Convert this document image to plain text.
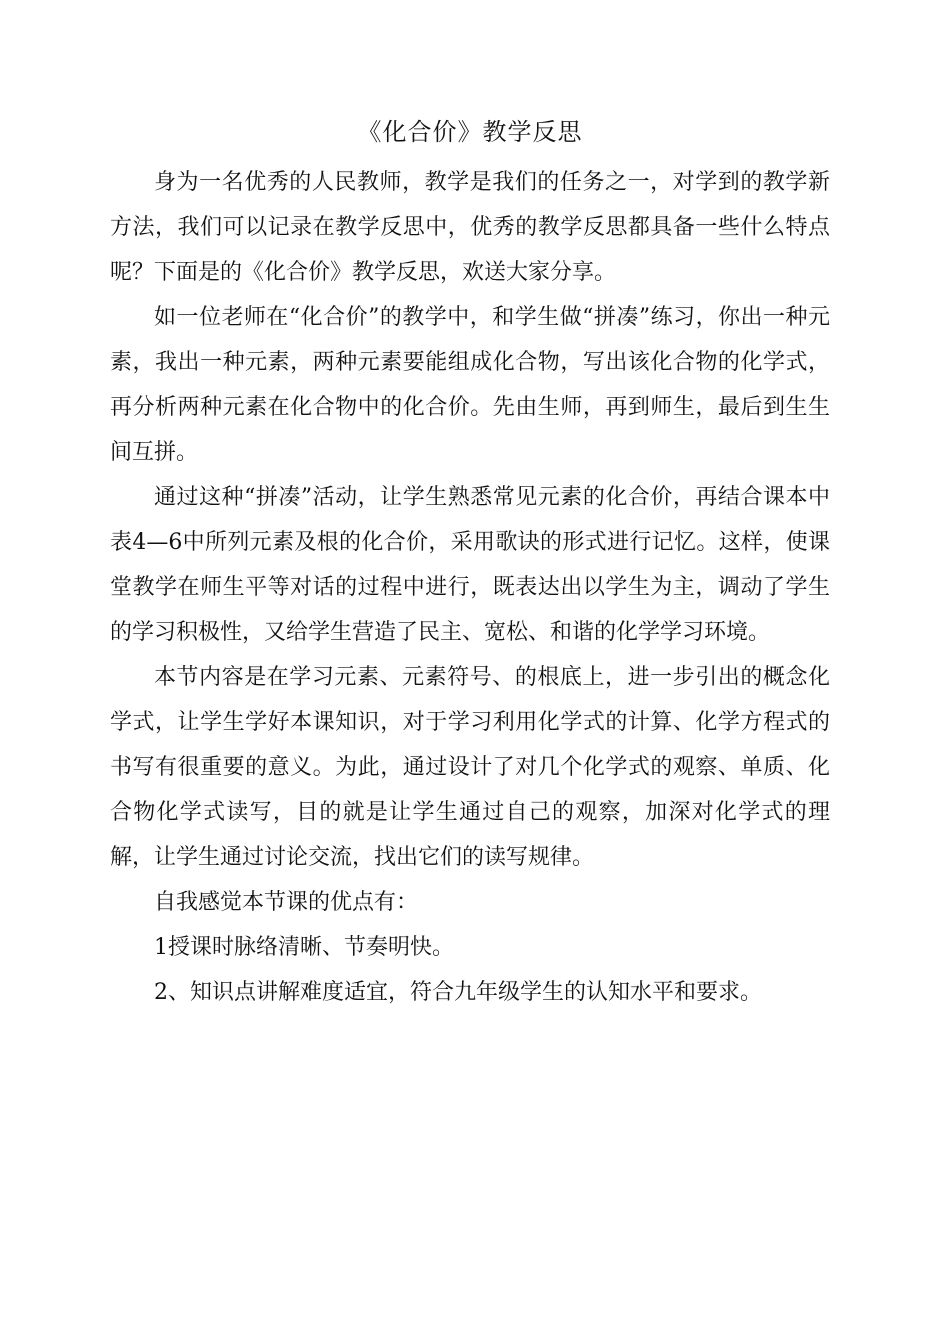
《化合价》教学反思

身为一名优秀的人民教师，教学是我们的任务之一，对学到的教学新方法，我们可以记录在教学反思中，优秀的教学反思都具备一些什么特点呢？下面是的《化合价》教学反思，欢送大家分享。

如一位老师在“化合价”的教学中，和学生做“拼凑”练习，你出一种元素，我出一种元素，两种元素要能组成化合物，写出该化合物的化学式，再分析两种元素在化合物中的化合价。先由生师，再到师生，最后到生生间互拼。

通过这种“拼凑”活动，让学生熟悉常见元素的化合价，再结合课本中表4—6中所列元素及根的化合价，采用歌诀的形式进行记忆。这样，使课堂教学在师生平等对话的过程中进行，既表达出以学生为主，调动了学生的学习积极性，又给学生营造了民主、宽松、和谐的化学学习环境。

本节内容是在学习元素、元素符号、的根底上，进一步引出的概念化学式，让学生学好本课知识，对于学习利用化学式的计算、化学方程式的书写有很重要的意义。为此，通过设计了对几个化学式的观察、单质、化合物化学式读写，目的就是让学生通过自己的观察，加深对化学式的理解，让学生通过讨论交流，找出它们的读写规律。

自我感觉本节课的优点有：

1授课时脉络清晰、节奏明快。

2、知识点讲解难度适宜，符合九年级学生的认知水平和要求。
